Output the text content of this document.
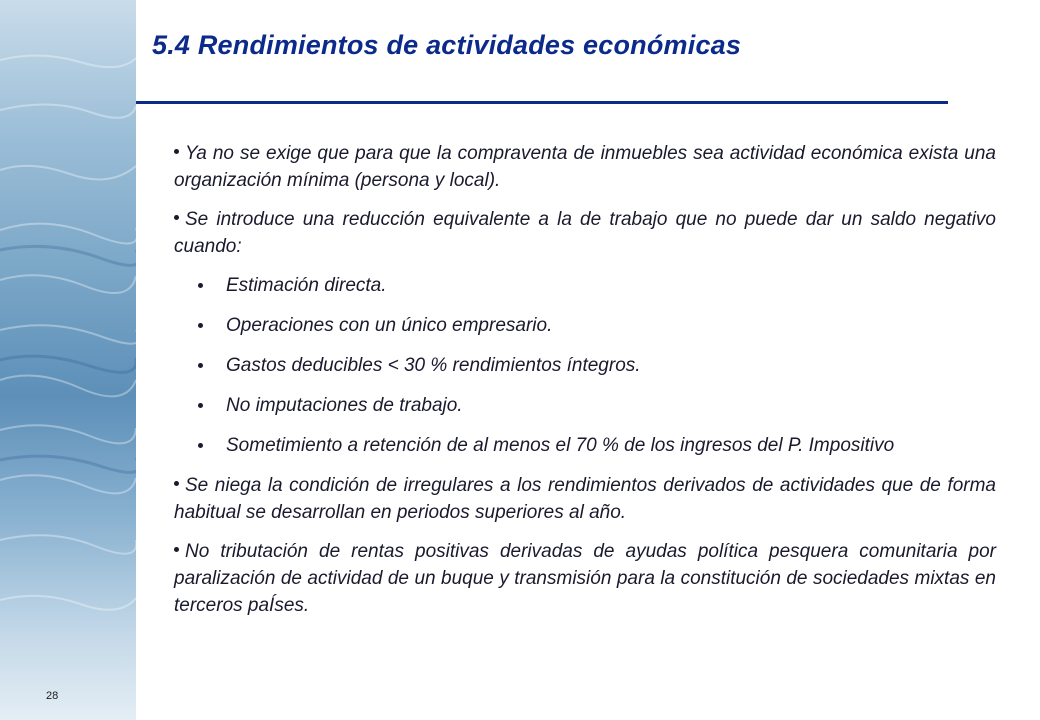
28
5.4 Rendimientos de actividades económicas

Ya no se exige que para que la compraventa de inmuebles sea actividad económica exista una organización mínima (persona y local).

Se introduce una reducción equivalente a la de trabajo que no puede dar un saldo negativo cuando:

Estimación directa.
Operaciones con un único empresario.
Gastos deducibles < 30 % rendimientos íntegros.
No imputaciones de trabajo.
Sometimiento a retención de al menos el 70 % de los ingresos del P. Impositivo

Se niega la condición de irregulares a los rendimientos derivados de actividades que de forma habitual se desarrollan en periodos superiores al año.

No tributación de rentas positivas derivadas de ayudas política pesquera comunitaria por paralización de actividad de un buque y transmisión para la constitución de sociedades mixtas en terceros paÍses.
